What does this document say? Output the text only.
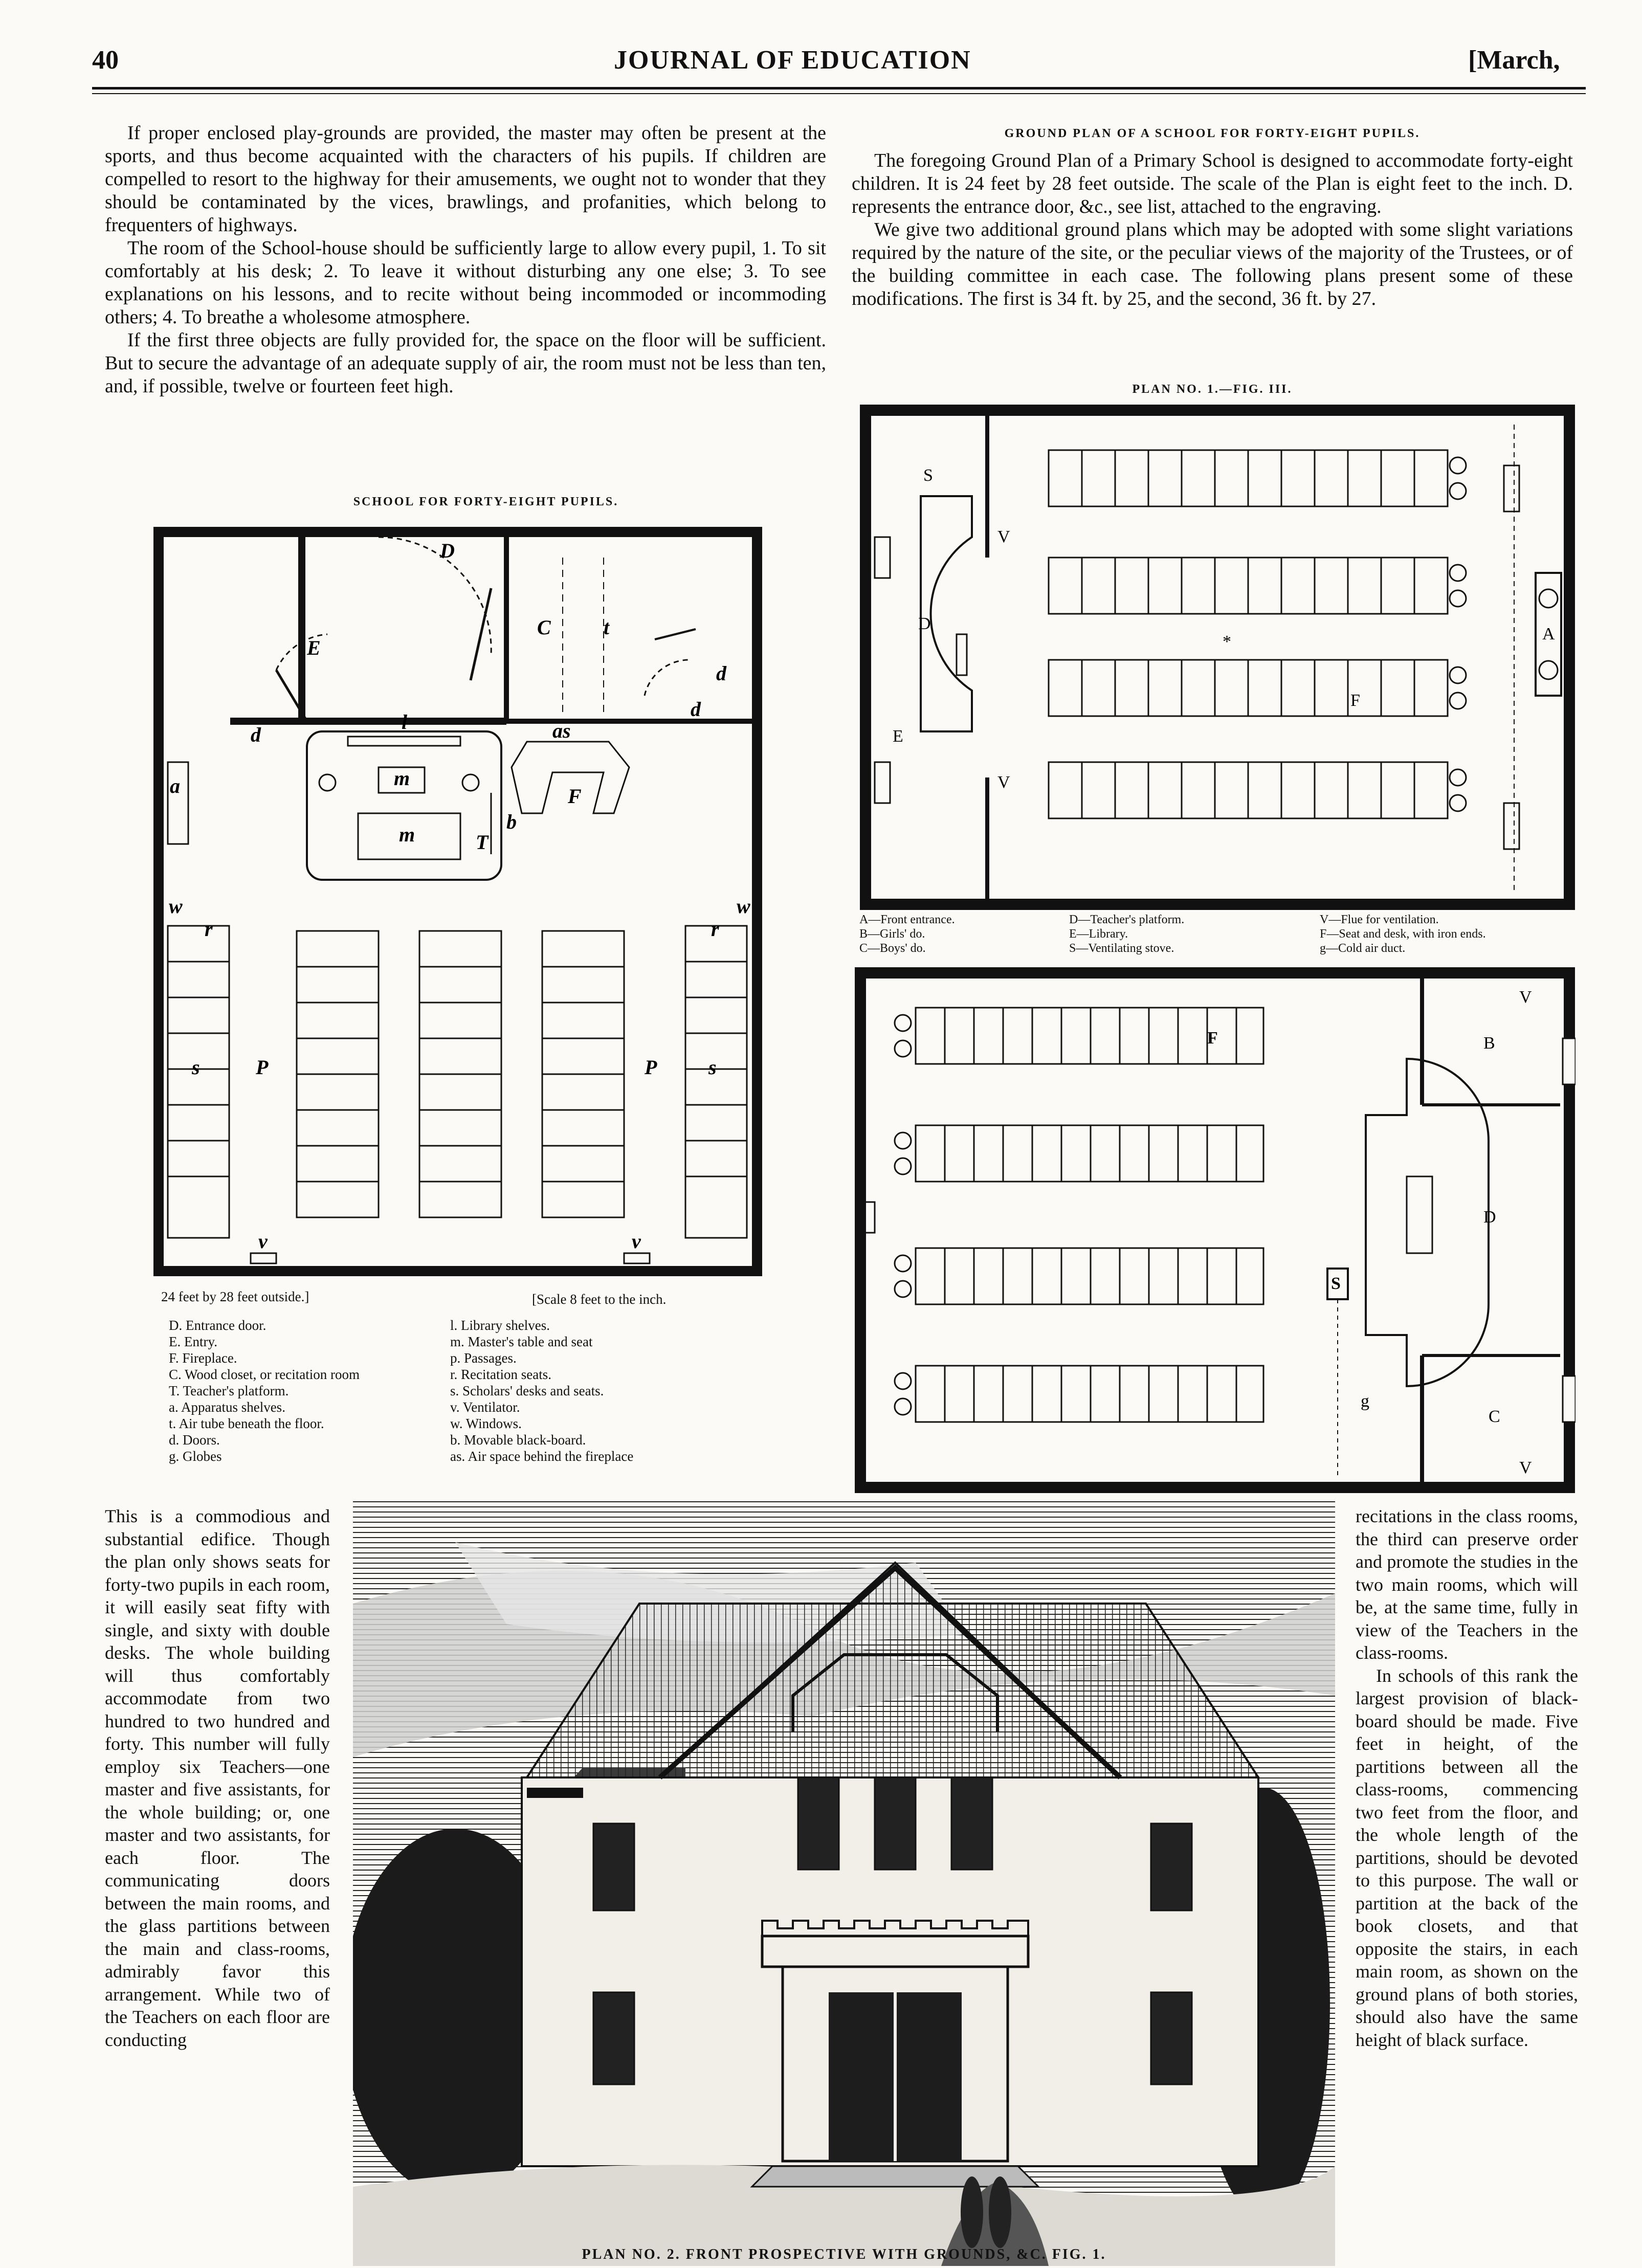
40	JOURNAL OF EDUCATION	[March,

If proper enclosed play-grounds are provided, the master may often be present at the sports, and thus become acquainted with the characters of his pupils. If children are compelled to resort to the highway for their amusements, we ought not to wonder that they should be contaminated by the vices, brawlings, and profanities, which belong to frequenters of highways.

The room of the School-house should be sufficiently large to allow every pupil, 1. To sit comfortably at his desk; 2. To leave it without disturbing any one else; 3. To see explanations on his lessons, and to recite without being incommoded or incommoding others; 4. To breathe a wholesome atmosphere.

If the first three objects are fully provided for, the space on the floor will be sufficient. But to secure the advantage of an adequate supply of air, the room must not be less than ten, and, if possible, twelve or fourteen feet high.

SCHOOL FOR FORTY-EIGHT PUPILS.
D
E
C	t
d
d
d
a
l
m
m	T
F
as
b
w	w
r	r
s	s
P	P
v	v
24 feet by 28 feet outside.]	[Scale 8 feet to the inch.
D. Entrance door.
E. Entry.
F. Fireplace.
C. Wood closet, or recitation room
T. Teacher's platform.
a. Apparatus shelves.
t. Air tube beneath the floor.
d. Doors.
g. Globes
l. Library shelves.
m. Master's table and seat
p. Passages.
r. Recitation seats.
s. Scholars' desks and seats.
v. Ventilator.
w. Windows.
b. Movable black-board.
as. Air space behind the fireplace
GROUND PLAN OF A SCHOOL FOR FORTY-EIGHT PUPILS.

The foregoing Ground Plan of a Primary School is designed to accommodate forty-eight children. It is 24 feet by 28 feet outside. The scale of the Plan is eight feet to the inch. D. represents the entrance door, &c., see list, attached to the engraving.

We give two additional ground plans which may be adopted with some slight variations required by the nature of the site, or the peculiar views of the majority of the Trustees, or of the building committee in each case. The following plans present some of these modifications. The first is 34 ft. by 25, and the second, 36 ft. by 27.

PLAN NO. 1.—FIG. III.
S
V
V
D
E
A
F
*
A—Front entrance.
B—Girls' do.
C—Boys' do.
D—Teacher's platform.
E—Library.
S—Ventilating stove.
V—Flue for ventilation.
F—Seat and desk, with iron ends.
g—Cold air duct.
V
B
D
C
V
S
F
g
This is a commodious and substantial edifice. Though the plan only shows seats for forty-two pupils in each room, it will easily seat fifty with single, and sixty with double desks. The whole building will thus comfortably accommodate from two hundred to two hundred and forty. This number will fully employ six Teachers—one master and five assistants, for the whole building; or, one master and two assistants, for each floor. The communicating doors between the main rooms, and the glass partitions between the main and class-rooms, admirably favor this arrangement. While two of the Teachers on each floor are conducting
PLAN NO. 2. FRONT PROSPECTIVE WITH GROUNDS, &C. FIG. 1.
recitations in the class rooms, the third can preserve order and promote the studies in the two main rooms, which will be, at the same time, fully in view of the Teachers in the class-rooms.

In schools of this rank the largest provision of black-board should be made. Five feet in height, of the partitions between all the class-rooms, commencing two feet from the floor, and the whole length of the partitions, should be devoted to this purpose. The wall or partition at the back of the book closets, and that opposite the stairs, in each main room, as shown on the ground plans of both stories, should also have the same height of black surface.
